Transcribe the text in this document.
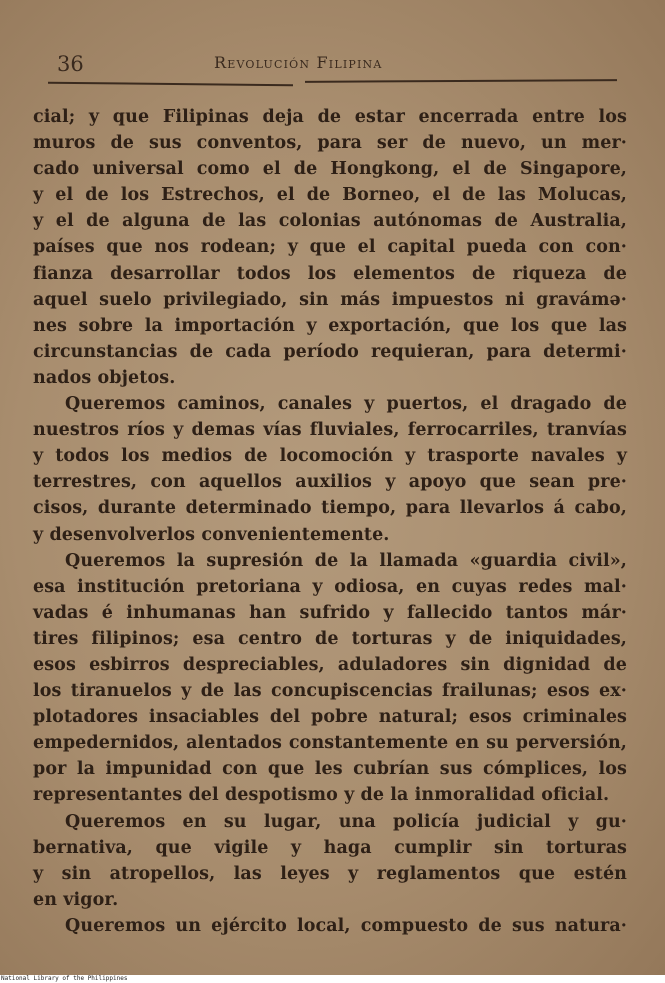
36	Revolución Filipina
cial; y que Filipinas deja de estar encerrada entre los
muros de sus conventos, para ser de nuevo, un mer·
cado universal como el de Hongkong, el de Singapore,
y el de los Estrechos, el de Borneo, el de las Molucas,
y el de alguna de las colonias autónomas de Australia,
países que nos rodean; y que el capital pueda con con·
fianza desarrollar todos los elementos de riqueza de
aquel suelo privilegiado, sin más impuestos ni gravámə·
nes sobre la importación y exportación, que los que las
circunstancias de cada período requieran, para determi·
nados objetos.
Queremos caminos, canales y puertos, el dragado de
nuestros ríos y demas vías fluviales, ferrocarriles, tranvías
y todos los medios de locomoción y trasporte navales y
terrestres, con aquellos auxilios y apoyo que sean pre·
cisos, durante determinado tiempo, para llevarlos á cabo,
y desenvolverlos convenientemente.
Queremos la supresión de la llamada «guardia civil»,
esa institución pretoriana y odiosa, en cuyas redes mal·
vadas é inhumanas han sufrido y fallecido tantos már·
tires filipinos; esa centro de torturas y de iniquidades,
esos esbirros despreciables, aduladores sin dignidad de
los tiranuelos y de las concupiscencias frailunas; esos ex·
plotadores insaciables del pobre natural; esos criminales
empedernidos, alentados constantemente en su perversión,
por la impunidad con que les cubrían sus cómplices, los
representantes del despotismo y de la inmoralidad oficial.
Queremos en su lugar, una policía judicial y gu·
bernativa, que vigile y haga cumplir sin torturas
y sin atropellos, las leyes y reglamentos que estén
en vigor.
Queremos un ejército local, compuesto de sus natura·
National Library of the Philippines
